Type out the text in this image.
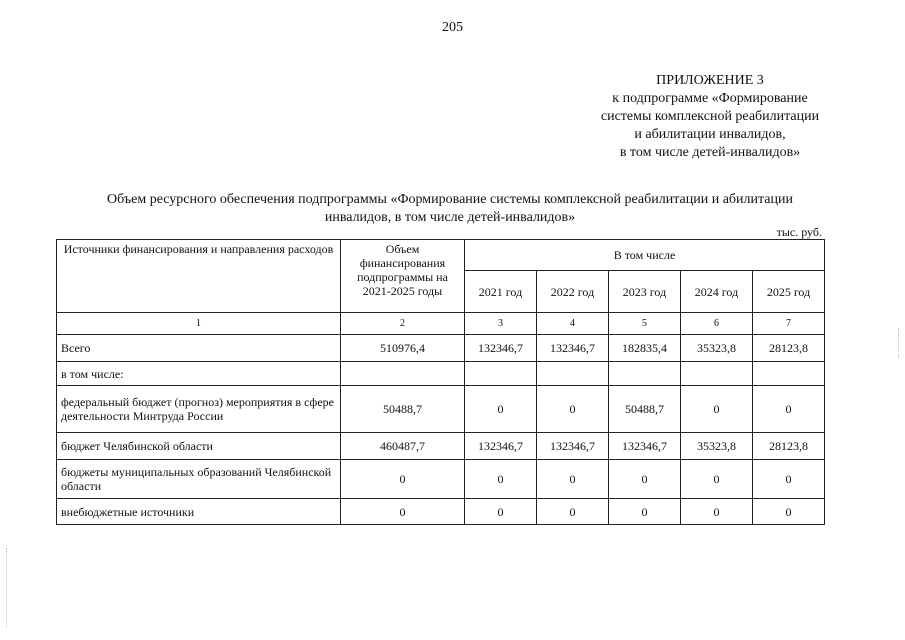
205
ПРИЛОЖЕНИЕ 3
к подпрограмме «Формирование
системы комплексной реабилитации
и абилитации инвалидов,
в том числе детей-инвалидов»
Объем ресурсного обеспечения подпрограммы «Формирование системы комплексной реабилитации и абилитации
инвалидов, в том числе детей-инвалидов»
тыс. руб.
Источники финансирования и направления расходов	Объем финансирования подпрограммы на 2021-2025 годы	В том числе				
		2021 год	2022 год	2023 год	2024 год	2025 год
1	2	3	4	5	6	7
Всего	510976,4	132346,7	132346,7	182835,4	35323,8	28123,8
в том числе:						
федеральный бюджет (прогноз) мероприятия в сфере деятельности Минтруда России	50488,7	0	0	50488,7	0	0
бюджет Челябинской области	460487,7	132346,7	132346,7	132346,7	35323,8	28123,8
бюджеты муниципальных образований Челябинской области	0	0	0	0	0	0
внебюджетные источники	0	0	0	0	0	0
